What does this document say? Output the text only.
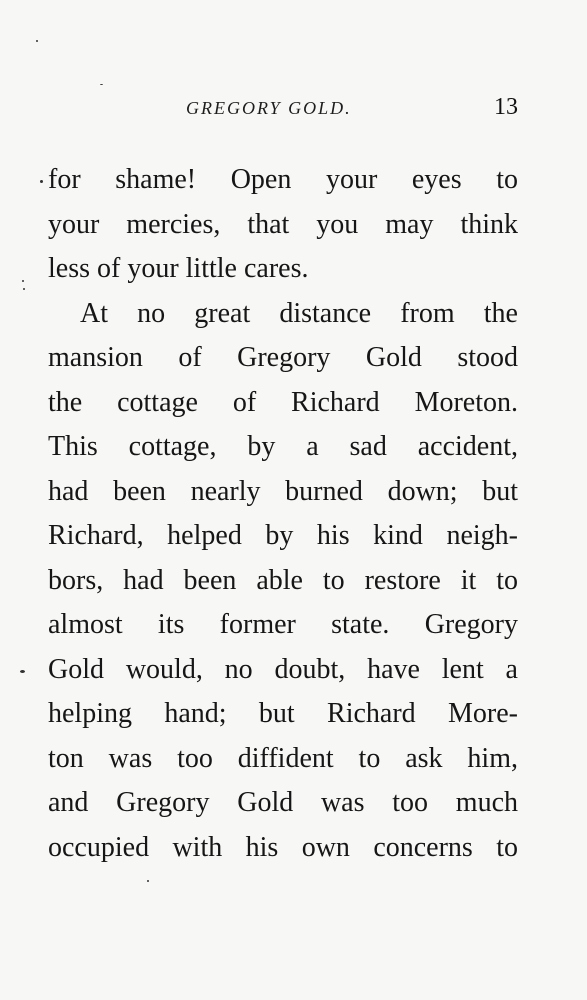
GREGORY GOLD.	13
for shame! Open your eyes to
your mercies, that you may think
less of your little cares.
At no great distance from the
mansion of Gregory Gold stood
the cottage of Richard Moreton.
This cottage, by a sad accident,
had been nearly burned down; but
Richard, helped by his kind neigh-
bors, had been able to restore it to
almost its former state. Gregory
Gold would, no doubt, have lent a
helping hand; but Richard More-
ton was too diffident to ask him,
and Gregory Gold was too much
occupied with his own concerns to
